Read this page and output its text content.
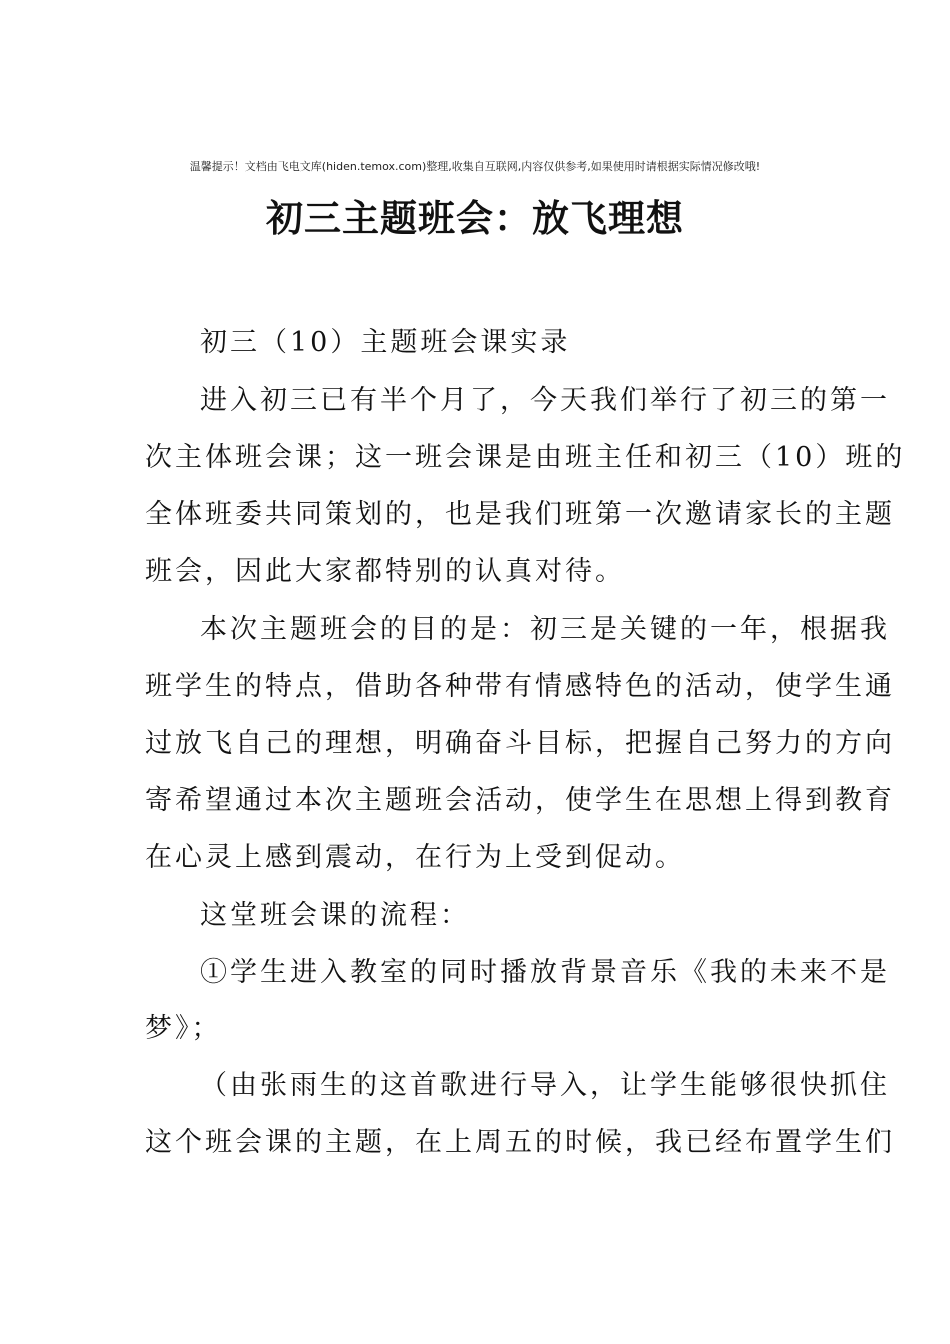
温馨提示！文档由飞电文库(hiden.temox.com)整理,收集自互联网,内容仅供参考,如果使用时请根据实际情况修改哦!
初三主题班会：放飞理想
初三（10）主题班会课实录
进入初三已有半个月了，今天我们举行了初三的第一
次主体班会课；这一班会课是由班主任和初三（10）班的
全体班委共同策划的，也是我们班第一次邀请家长的主题
班会，因此大家都特别的认真对待。
本次主题班会的目的是：初三是关键的一年，根据我
班学生的特点，借助各种带有情感特色的活动，使学生通
过放飞自己的理想，明确奋斗目标，把握自己努力的方向
寄希望通过本次主题班会活动，使学生在思想上得到教育
在心灵上感到震动，在行为上受到促动。
这堂班会课的流程：
①学生进入教室的同时播放背景音乐《我的未来不是
梦》；
（由张雨生的这首歌进行导入，让学生能够很快抓住
这个班会课的主题，在上周五的时候，我已经布置学生们
